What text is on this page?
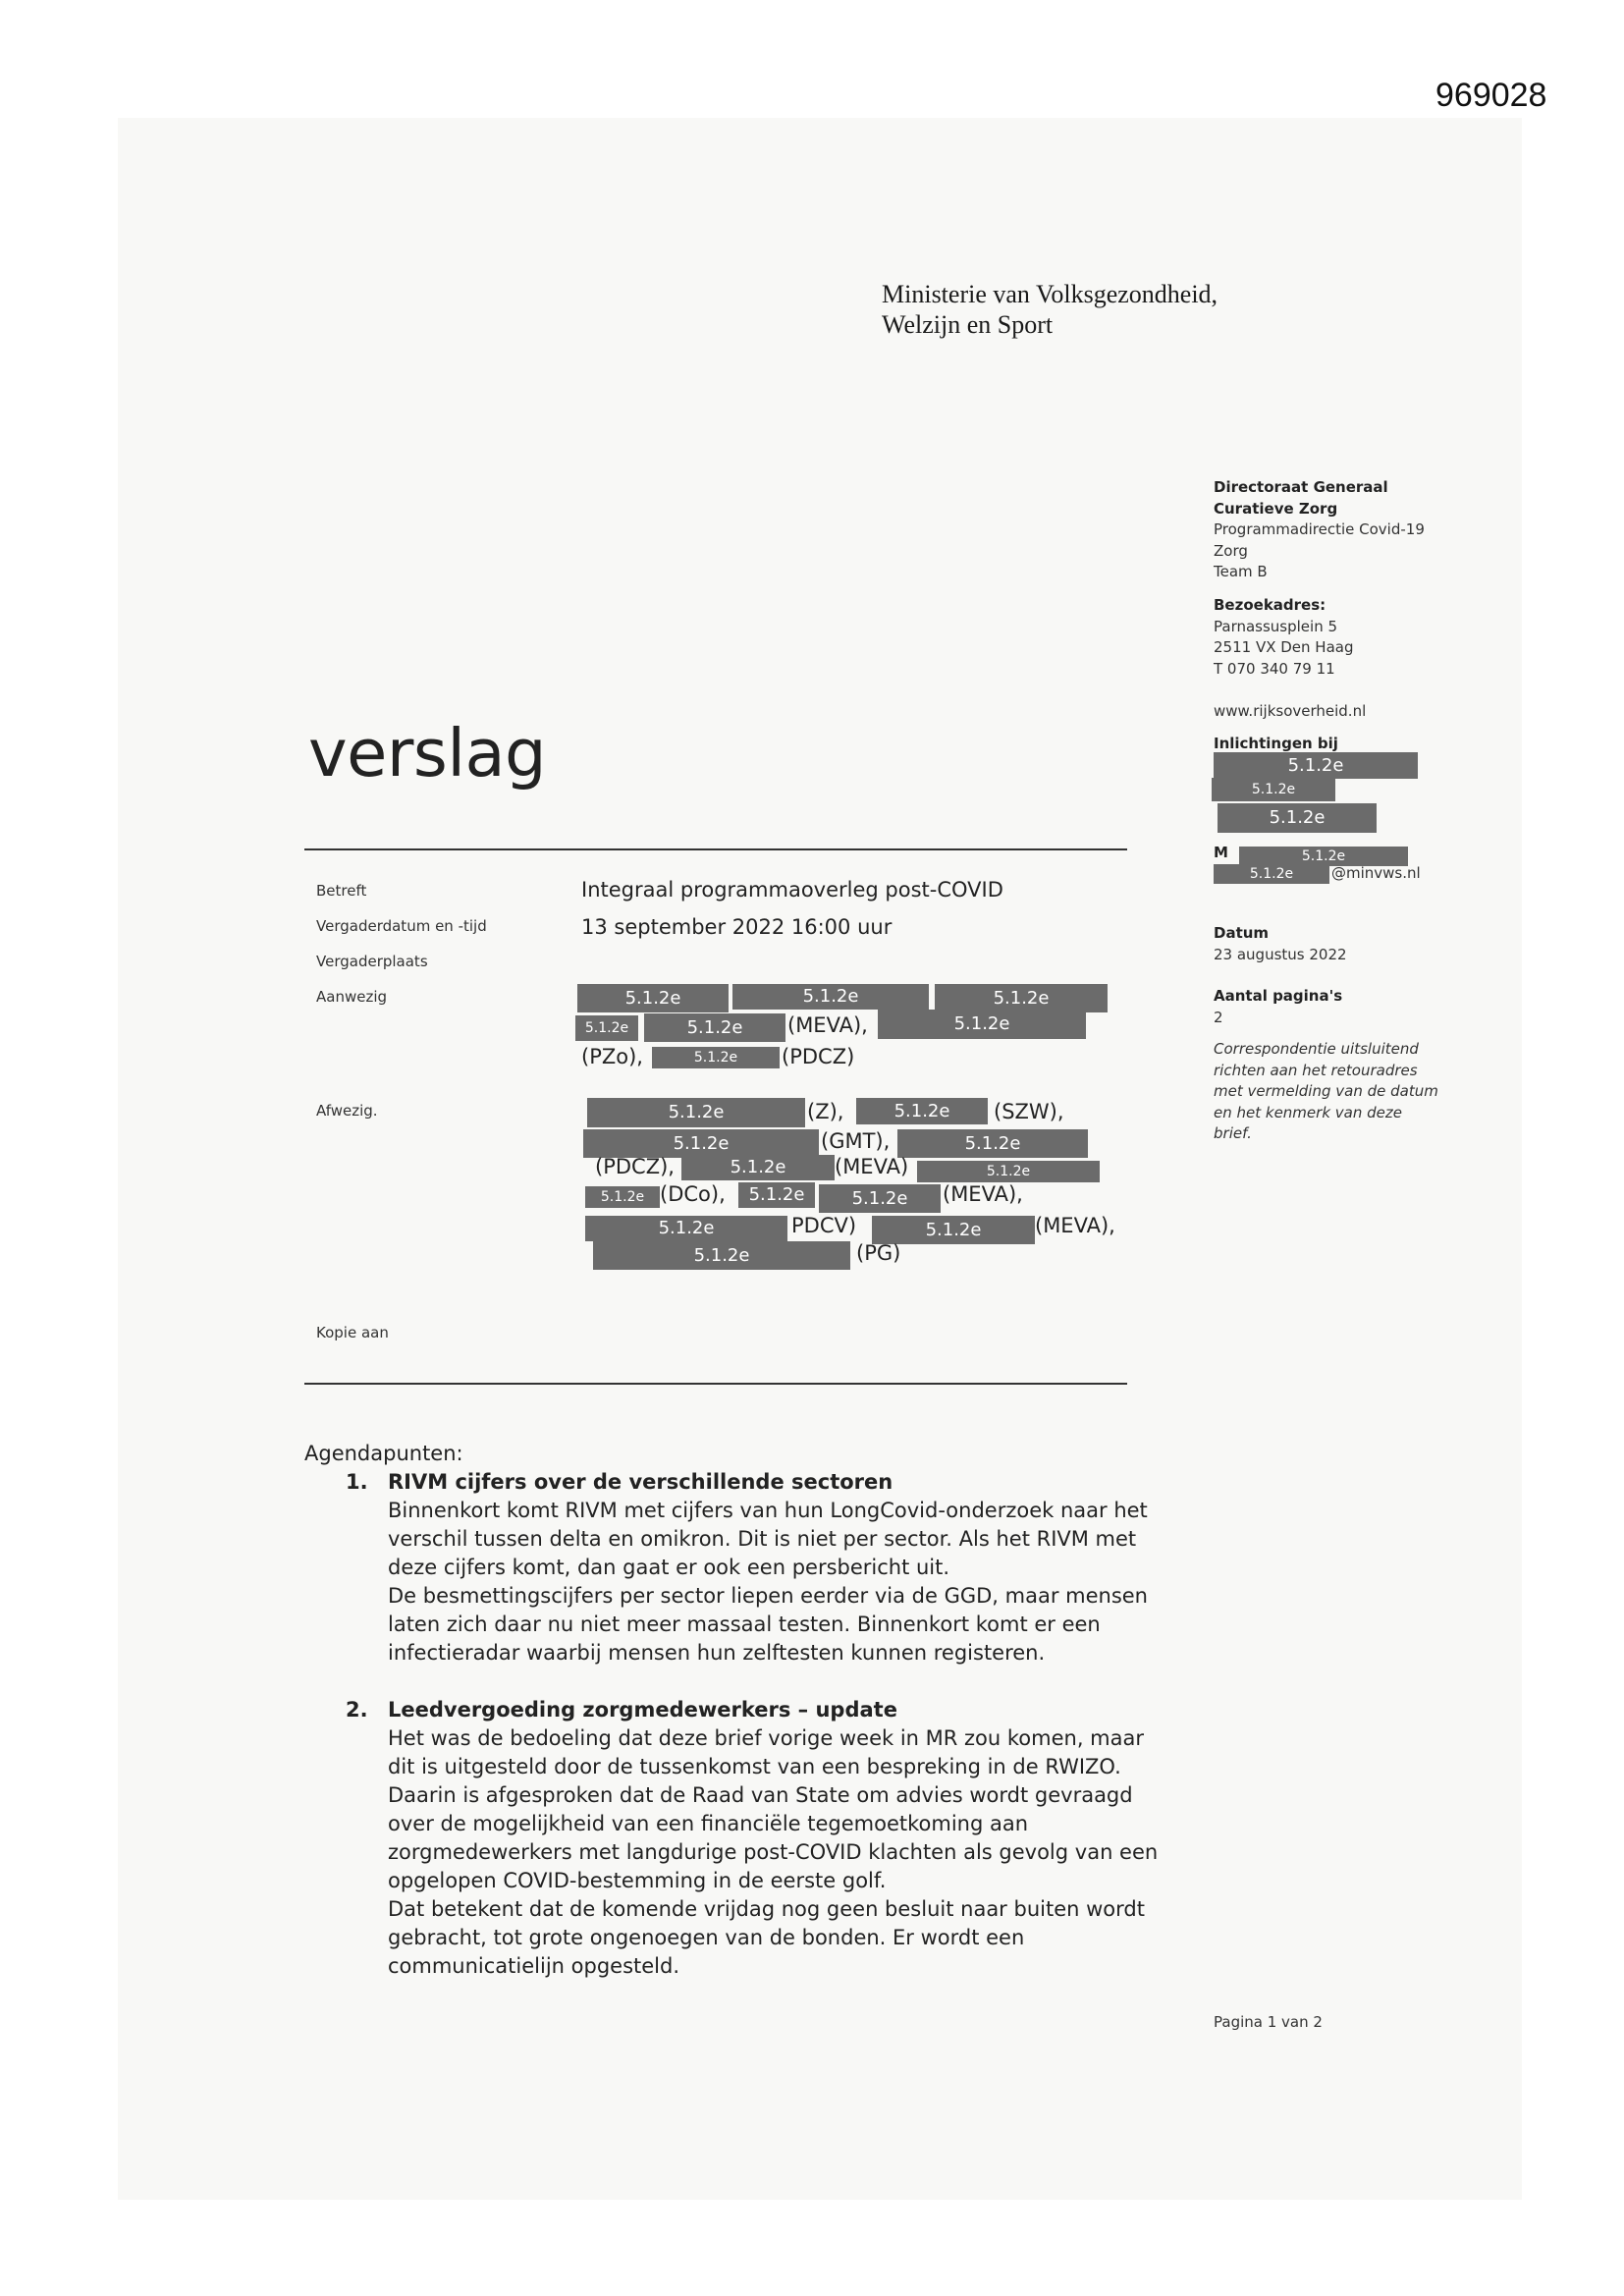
969028
Ministerie van Volksgezondheid,
Welzijn en Sport
Directoraat Generaal
Curatieve Zorg
Programmadirectie Covid-19
Zorg
Team B
Bezoekadres:
Parnassusplein 5
2511 VX Den Haag
T 070 340 79 11
www.rijksoverheid.nl
Inlichtingen bij
5.1.2e
5.1.2e
5.1.2e
M	5.1.2e
5.1.2e	@minvws.nl
Datum
23 augustus 2022
Aantal pagina's
2
Correspondentie uitsluitend
richten aan het retouradres
met vermelding van de datum
en het kenmerk van deze
brief.
verslag
Betreft	Integraal programmaoverleg post-COVID
Vergaderdatum en -tijd	13 september 2022 16:00 uur
Vergaderplaats
Aanwezig	5.1.2e	5.1.2e	5.1.2e
5.1.2e	5.1.2e	(MEVA),	5.1.2e
(PZo),	5.1.2e	(PDCZ)
Afwezig.	5.1.2e	(Z),	5.1.2e	(SZW),
5.1.2e	(GMT),	5.1.2e
(PDCZ),	5.1.2e	(MEVA)	5.1.2e
5.1.2e (DCo),	5.1.2e	5.1.2e	(MEVA),
5.1.2e	PDCV)	5.1.2e	(MEVA),
5.1.2e	(PG)
Kopie aan
Agendapunten:
1. RIVM cijfers over de verschillende sectoren
Binnenkort komt RIVM met cijfers van hun LongCovid-onderzoek naar het
verschil tussen delta en omikron. Dit is niet per sector. Als het RIVM met
deze cijfers komt, dan gaat er ook een persbericht uit.
De besmettingscijfers per sector liepen eerder via de GGD, maar mensen
laten zich daar nu niet meer massaal testen. Binnenkort komt er een
infectieradar waarbij mensen hun zelftesten kunnen registeren.
2. Leedvergoeding zorgmedewerkers – update
Het was de bedoeling dat deze brief vorige week in MR zou komen, maar
dit is uitgesteld door de tussenkomst van een bespreking in de RWIZO.
Daarin is afgesproken dat de Raad van State om advies wordt gevraagd
over de mogelijkheid van een financiële tegemoetkoming aan
zorgmedewerkers met langdurige post-COVID klachten als gevolg van een
opgelopen COVID-bestemming in de eerste golf.
Dat betekent dat de komende vrijdag nog geen besluit naar buiten wordt
gebracht, tot grote ongenoegen van de bonden. Er wordt een
communicatielijn opgesteld.
Pagina 1 van 2
